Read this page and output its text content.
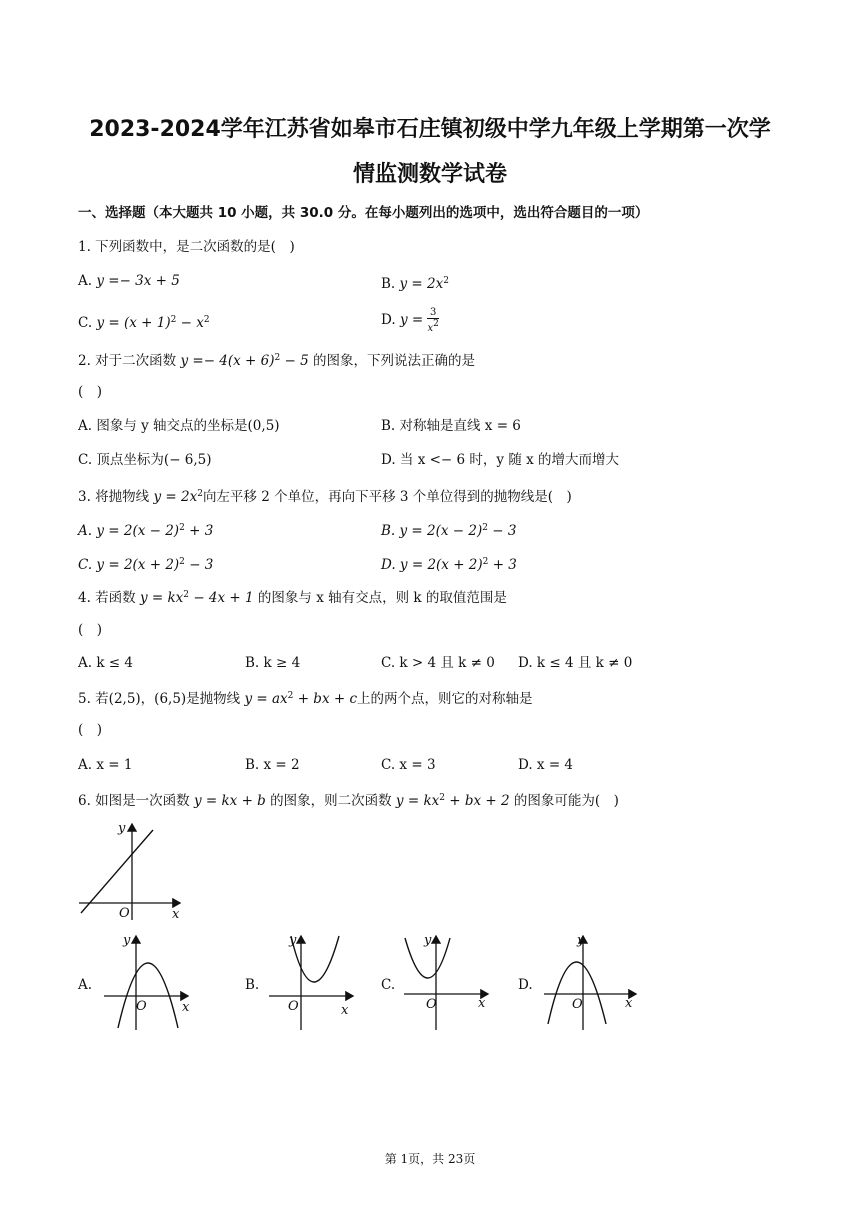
2023-2024学年江苏省如皋市石庄镇初级中学九年级上学期第一次学
情监测数学试卷
一、选择题（本大题共 10 小题，共 30.0 分。在每小题列出的选项中，选出符合题目的一项）
1. 下列函数中，是二次函数的是(　)
A. y =− 3x + 5	B. $y = 2x^2$
C. $y = (x + 1)^2 - x^2$	D. $y = \frac{3}{x^2}$
2. 对于二次函数 $y =- 4(x + 6)^2 - 5$ 的图象，下列说法正确的是
(　)
A. 图象与 y 轴交点的坐标是(0,5)	B. 对称轴是直线 x = 6
C. 顶点坐标为(− 6,5)	D. 当 x <− 6 时，y 随 x 的增大而增大
3. 将抛物线 $y = 2x^2$向左平移 2 个单位，再向下平移 3 个单位得到的抛物线是(　)
A. $y = 2(x - 2)^2 + 3$	B. $y = 2(x - 2)^2 - 3$
C. $y = 2(x + 2)^2 - 3$	D. $y = 2(x + 2)^2 + 3$
4. 若函数 $y = kx^2 - 4x + 1$ 的图象与 x 轴有交点，则 k 的取值范围是
(　)
A. k ≤ 4	B. k ≥ 4	C. k > 4 且 k ≠ 0 D. k ≤ 4 且 k ≠ 0
5. 若(2,5)，(6,5)是抛物线 $y = ax^2$ + bx + c上的两个点，则它的对称轴是
(　)
A. x = 1	B. x = 2	C. x = 3	D. x = 4
6. 如图是一次函数 y = kx + b 的图象，则二次函数 $y = kx^2$ + bx + 2 的图象可能为(　)
y
O	x
A.	B.	C.	D.
y
O	x
y
O	x
y
O	x
y
O	x
第 1页，共 23页
